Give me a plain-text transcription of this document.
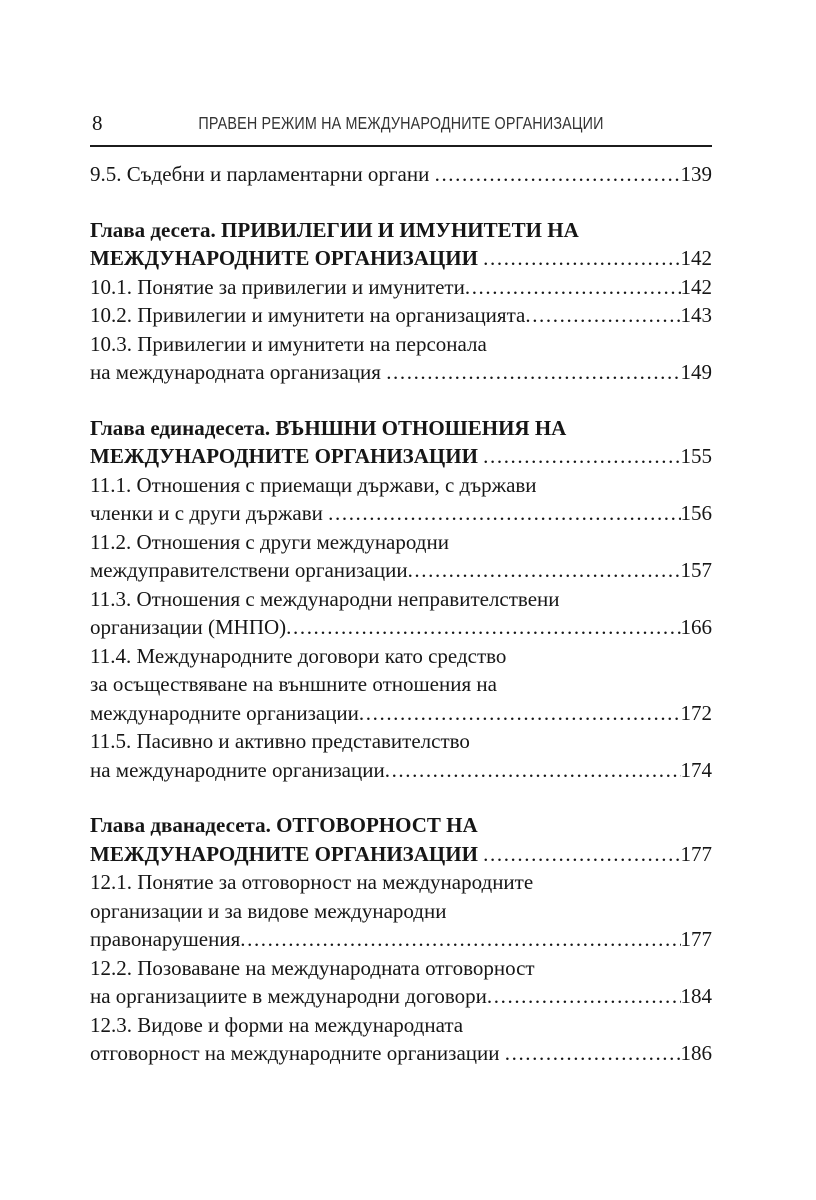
8	ПРАВЕН РЕЖИМ НА МЕЖДУНАРОДНИТЕ ОРГАНИЗАЦИИ
9.5. Съдебни и парламентарни органи .....	139
Глава десета. ПРИВИЛЕГИИ И ИМУНИТЕТИ НА
МЕЖДУНАРОДНИТЕ ОРГАНИЗАЦИИ .....	142
10.1. Понятие за привилегии и имунитети .....	142
10.2. Привилегии и имунитети на организацията .....	143
10.3. Привилегии и имунитети на персонала
на международната организация .....	149
Глава единадесета. ВЪНШНИ ОТНОШЕНИЯ НА
МЕЖДУНАРОДНИТЕ ОРГАНИЗАЦИИ .....	155
11.1. Отношения с приемащи държави, с държави
членки и с други държави .....	156
11.2. Отношения с други международни
междуправителствени организации .....	157
11.3. Отношения с международни неправителствени
организации (МНПО) .....	166
11.4. Международните договори като средство
за осъществяване на външните отношения на
международните организации .....	172
11.5. Пасивно и активно представителство
на международните организации .....	174
Глава дванадесета. ОТГОВОРНОСТ НА
МЕЖДУНАРОДНИТЕ ОРГАНИЗАЦИИ .....	177
12.1. Понятие за отговорност на международните
организации и за видове международни
правонарушения .....	177
12.2. Позоваване на международната отговорност
на организациите в международни договори .....	184
12.3. Видове и форми на международната
отговорност на международните организации .....	186
